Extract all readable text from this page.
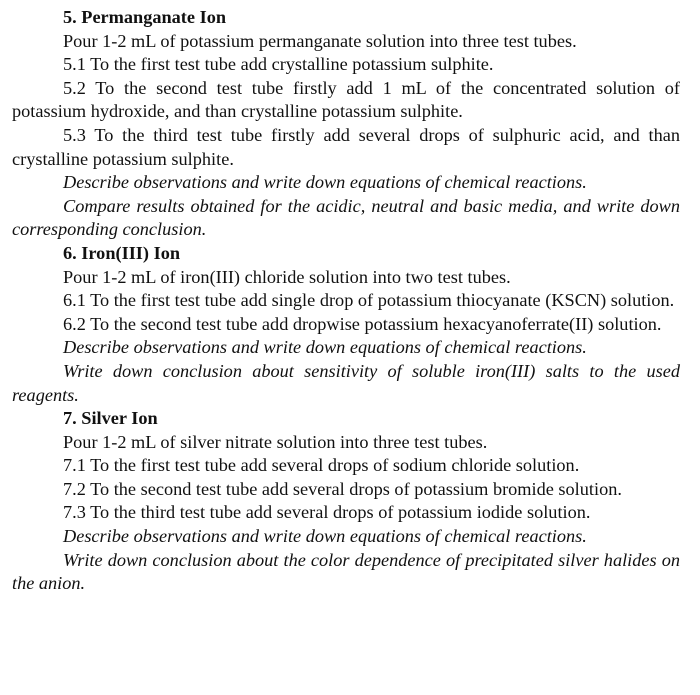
5. Permanganate Ion

Pour 1-2 mL of potassium permanganate solution into three test tubes.

5.1 To the first test tube add crystalline potassium sulphite.

5.2 To the second test tube firstly add 1 mL of the concentrated solution of potassium hydroxide, and than crystalline potassium sulphite.

5.3 To the third test tube firstly add several drops of sulphuric acid, and than crystalline potassium sulphite.

Describe observations and write down equations of chemical reactions.

Compare results obtained for the acidic, neutral and basic media, and write down corresponding conclusion.

6. Iron(III) Ion

Pour 1-2 mL of iron(III) chloride solution into two test tubes.

6.1 To the first test tube add single drop of potassium thiocyanate (KSCN) solution.

6.2 To the second test tube add dropwise potassium hexacyanoferrate(II) solution.

Describe observations and write down equations of chemical reactions.

Write down conclusion about sensitivity of soluble iron(III) salts to the used reagents.

7. Silver Ion

Pour 1-2 mL of silver nitrate solution into three test tubes.

7.1 To the first test tube add several drops of sodium chloride solution.

7.2 To the second test tube add several drops of potassium bromide solution.

7.3 To the third test tube add several drops of potassium iodide solution.

Describe observations and write down equations of chemical reactions.

Write down conclusion about the color dependence of precipitated silver halides on the anion.
